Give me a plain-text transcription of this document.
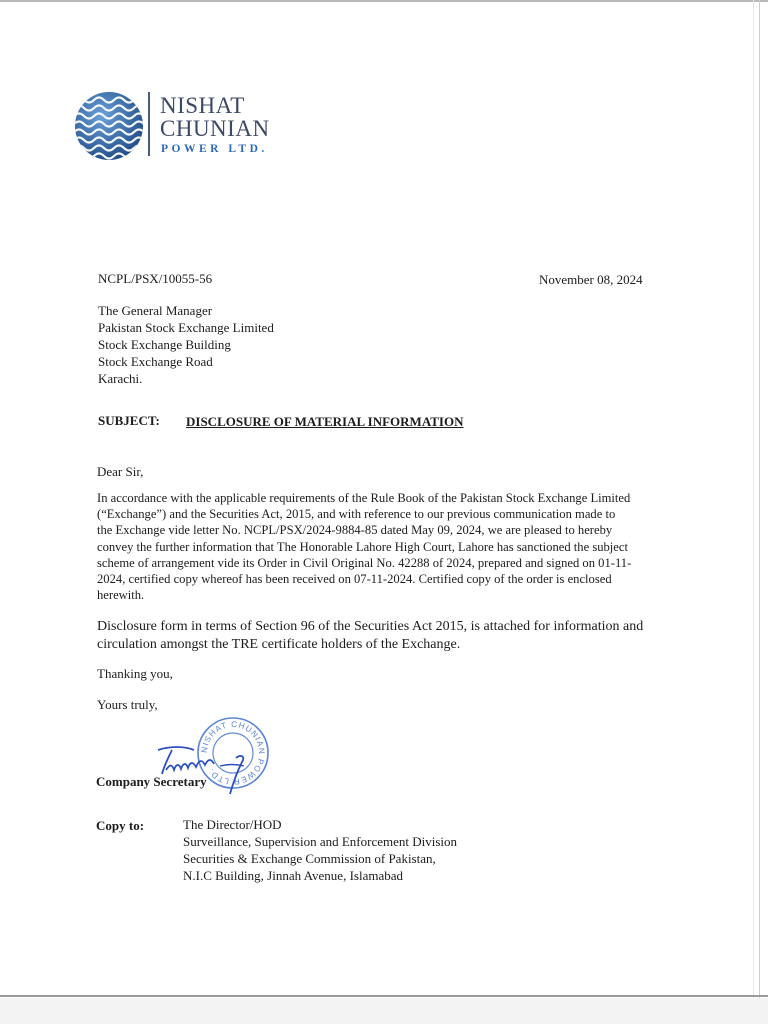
NISHAT
CHUNIAN
POWER LTD.
NCPL/PSX/10055-56	November 08, 2024
The General Manager
Pakistan Stock Exchange Limited
Stock Exchange Building
Stock Exchange Road
Karachi.
SUBJECT: DISCLOSURE OF MATERIAL INFORMATION
Dear Sir,
In accordance with the applicable requirements of the Rule Book of the Pakistan Stock Exchange Limited
(“Exchange”) and the Securities Act, 2015, and with reference to our previous communication made to
the Exchange vide letter No. NCPL/PSX/2024-9884-85 dated May 09, 2024, we are pleased to hereby
convey the further information that The Honorable Lahore High Court, Lahore has sanctioned the subject
scheme of arrangement vide its Order in Civil Original No. 42288 of 2024, prepared and signed on 01-11-
2024, certified copy whereof has been received on 07-11-2024. Certified copy of the order is enclosed
herewith.
Disclosure form in terms of Section 96 of the Securities Act 2015, is attached for information and
circulation amongst the TRE certificate holders of the Exchange.
Thanking you,
Yours truly,
NISHAT CHUNIAN POWER LTD.
Company Secretary
Copy to:	The Director/HOD
Surveillance, Supervision and Enforcement Division
Securities & Exchange Commission of Pakistan,
N.I.C Building, Jinnah Avenue, Islamabad
